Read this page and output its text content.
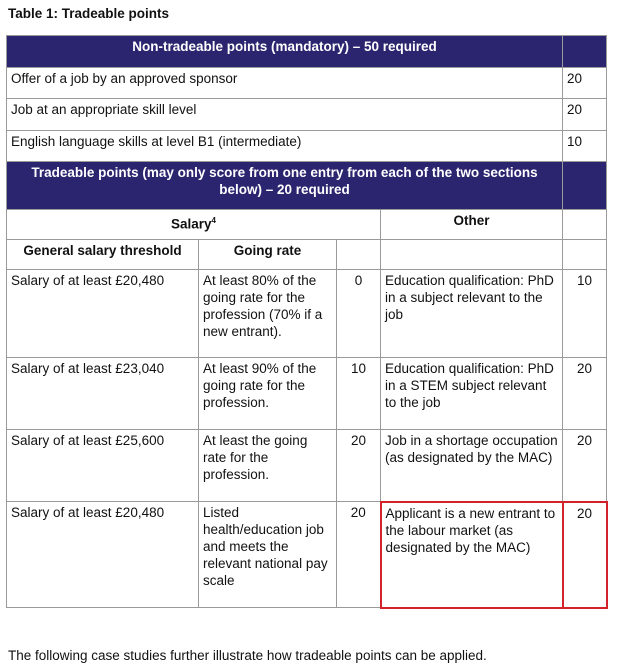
Table 1: Tradeable points
Non-tradeable points (mandatory) – 50 required				
Offer of a job by an approved sponsor				20
Job at an appropriate skill level				20
English language skills at level B1 (intermediate)				10
Tradeable points (may only score from one entry from each of the two sections below) – 20 required				
Salary$^4$			Other	
General salary threshold	Going rate			
Salary of at least £20,480	At least 80% of the going rate for the profession (70% if a new entrant).	0	Education qualification: PhD in a subject relevant to the job	10
Salary of at least £23,040	At least 90% of the going rate for the profession.	10	Education qualification: PhD in a STEM subject relevant to the job	20
Salary of at least £25,600	At least the going rate for the profession.	20	Job in a shortage occupation (as designated by the MAC)	20
Salary of at least £20,480	Listed health/education job and meets the relevant national pay scale	20	Applicant is a new entrant to the labour market (as designated by the MAC)	20
The following case studies further illustrate how tradeable points can be applied.
